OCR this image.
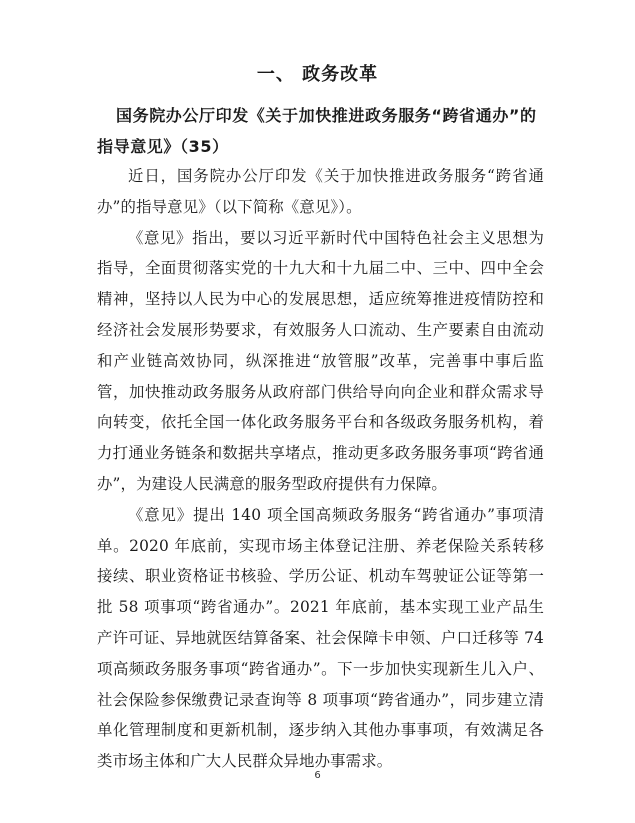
一、 政务改革
国务院办公厅印发《关于加快推进政务服务“跨省通办”的指导意见》（35）

近日，国务院办公厅印发《关于加快推进政务服务“跨省通办”的指导意见》（以下简称《意见》）。

《意见》指出，要以习近平新时代中国特色社会主义思想为指导，全面贯彻落实党的十九大和十九届二中、三中、四中全会精神，坚持以人民为中心的发展思想，适应统筹推进疫情防控和经济社会发展形势要求，有效服务人口流动、生产要素自由流动和产业链高效协同，纵深推进“放管服”改革，完善事中事后监管，加快推动政务服务从政府部门供给导向向企业和群众需求导向转变，依托全国一体化政务服务平台和各级政务服务机构，着力打通业务链条和数据共享堵点，推动更多政务服务事项“跨省通办”，为建设人民满意的服务型政府提供有力保障。

《意见》提出 140 项全国高频政务服务“跨省通办”事项清单。2020 年底前，实现市场主体登记注册、养老保险关系转移接续、职业资格证书核验、学历公证、机动车驾驶证公证等第一批 58 项事项“跨省通办”。2021 年底前，基本实现工业产品生产许可证、异地就医结算备案、社会保障卡申领、户口迁移等 74 项高频政务服务事项“跨省通办”。下一步加快实现新生儿入户、社会保险参保缴费记录查询等 8 项事项“跨省通办”，同步建立清单化管理制度和更新机制，逐步纳入其他办事事项，有效满足各类市场主体和广大人民群众异地办事需求。

6
